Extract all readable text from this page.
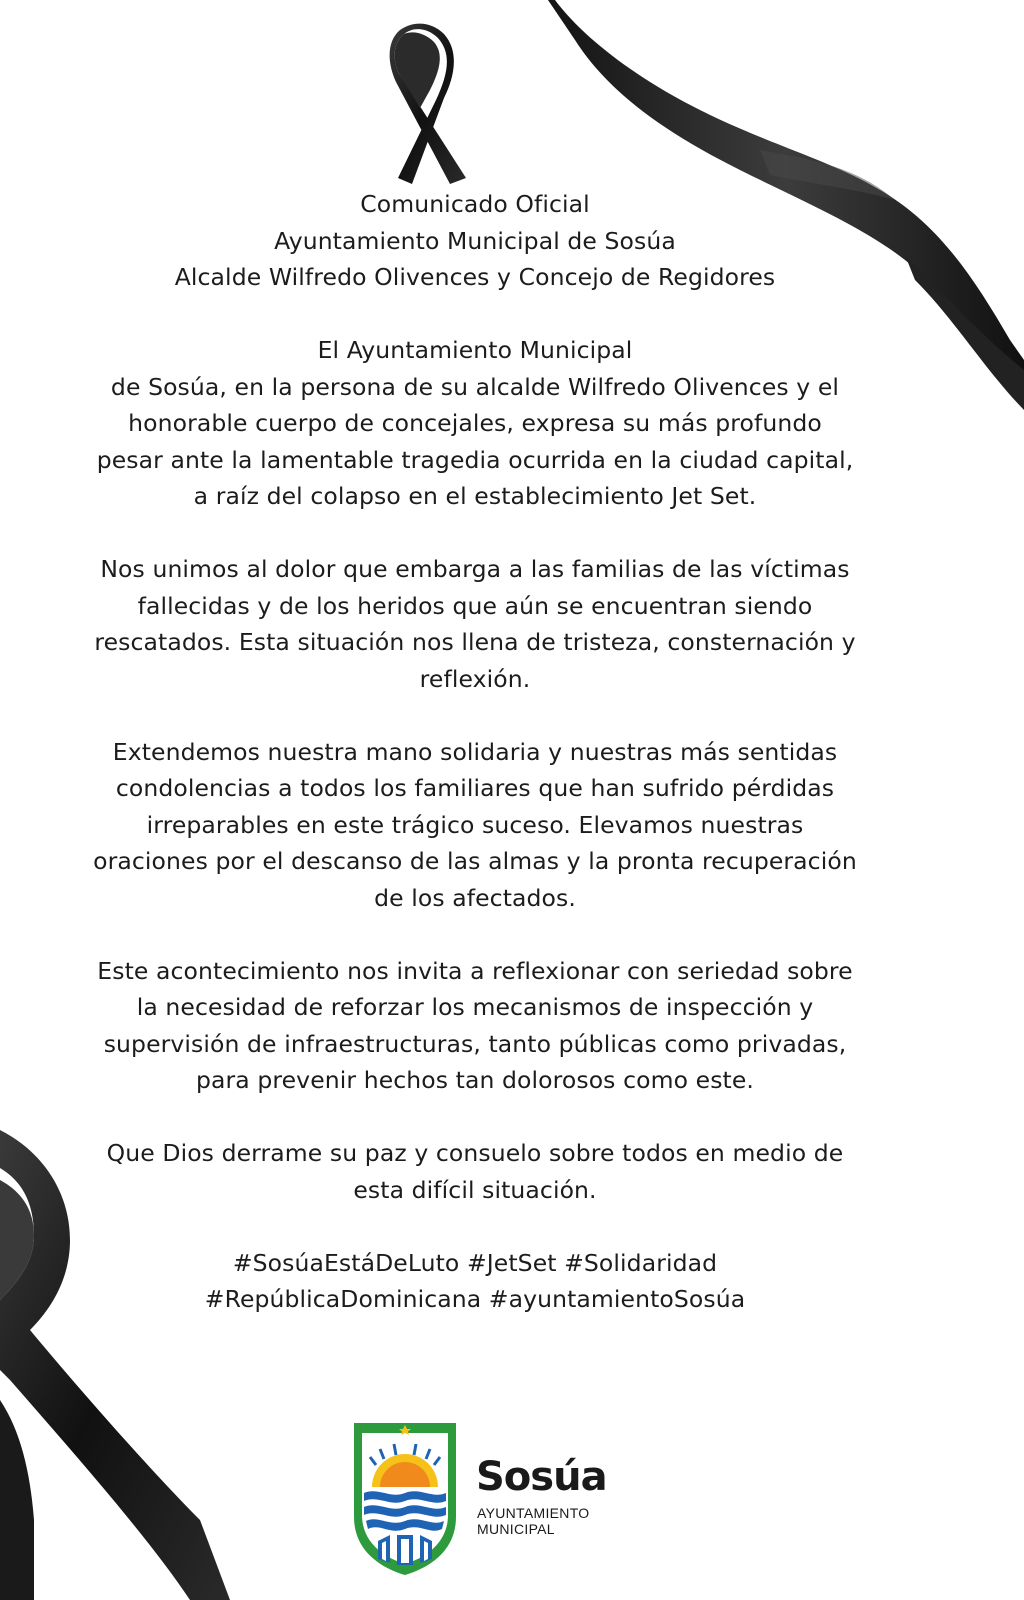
Comunicado Oficial
Ayuntamiento Municipal de Sosúa
Alcalde Wilfredo Olivences y Concejo de Regidores
El Ayuntamiento Municipal
de Sosúa, en la persona de su alcalde Wilfredo Olivences y el
honorable cuerpo de concejales, expresa su más profundo
pesar ante la lamentable tragedia ocurrida en la ciudad capital,
a raíz del colapso en el establecimiento Jet Set.
Nos unimos al dolor que embarga a las familias de las víctimas
fallecidas y de los heridos que aún se encuentran siendo
rescatados. Esta situación nos llena de tristeza, consternación y
reflexión.
Extendemos nuestra mano solidaria y nuestras más sentidas
condolencias a todos los familiares que han sufrido pérdidas
irreparables en este trágico suceso. Elevamos nuestras
oraciones por el descanso de las almas y la pronta recuperación
de los afectados.
Este acontecimiento nos invita a reflexionar con seriedad sobre
la necesidad de reforzar los mecanismos de inspección y
supervisión de infraestructuras, tanto públicas como privadas,
para prevenir hechos tan dolorosos como este.
Que Dios derrame su paz y consuelo sobre todos en medio de
esta difícil situación.
#SosúaEstáDeLuto #JetSet #Solidaridad
#RepúblicaDominicana #ayuntamientoSosúa
Sosúa
AYUNTAMIENTO
MUNICIPAL
